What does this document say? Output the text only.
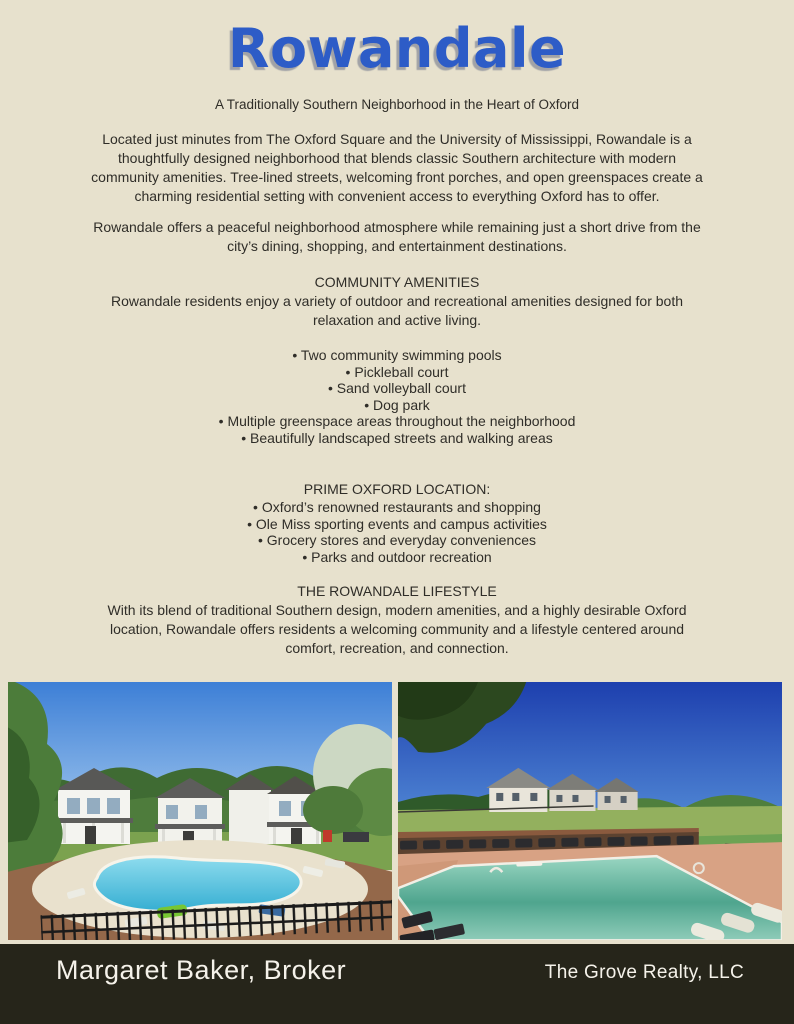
Rowandale
A Traditionally Southern Neighborhood in the Heart of Oxford

Located just minutes from The Oxford Square and the University of Mississippi, Rowandale is a thoughtfully designed neighborhood that blends classic Southern architecture with modern community amenities. Tree-lined streets, welcoming front porches, and open greenspaces create a charming residential setting with convenient access to everything Oxford has to offer.

Rowandale offers a peaceful neighborhood atmosphere while remaining just a short drive from the city’s dining, shopping, and entertainment destinations.

COMMUNITY AMENITIES

Rowandale residents enjoy a variety of outdoor and recreational amenities designed for both relaxation and active living.

• Two community swimming pools
• Pickleball court
• Sand volleyball court
• Dog park
• Multiple greenspace areas throughout the neighborhood
• Beautifully landscaped streets and walking areas
PRIME OXFORD LOCATION:
• Oxford’s renowned restaurants and shopping
• Ole Miss sporting events and campus activities
• Grocery stores and everyday conveniences
• Parks and outdoor recreation
THE ROWANDALE LIFESTYLE

With its blend of traditional Southern design, modern amenities, and a highly desirable Oxford location, Rowandale offers residents a welcoming community and a lifestyle centered around comfort, recreation, and connection.

Margaret Baker, Broker	The Grove Realty, LLC
